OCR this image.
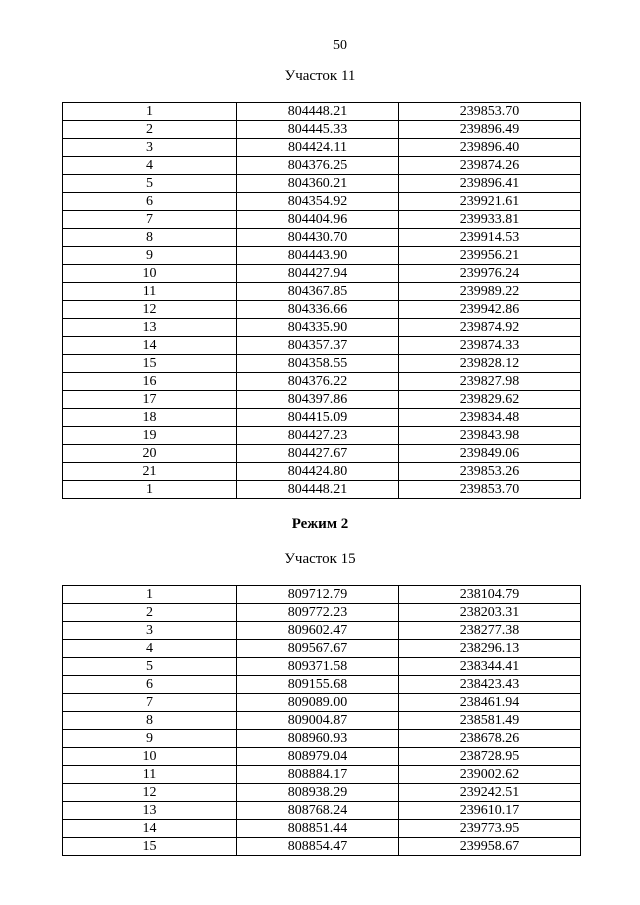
50
Участок 11
1	804448.21	239853.70
2	804445.33	239896.49
3	804424.11	239896.40
4	804376.25	239874.26
5	804360.21	239896.41
6	804354.92	239921.61
7	804404.96	239933.81
8	804430.70	239914.53
9	804443.90	239956.21
10	804427.94	239976.24
11	804367.85	239989.22
12	804336.66	239942.86
13	804335.90	239874.92
14	804357.37	239874.33
15	804358.55	239828.12
16	804376.22	239827.98
17	804397.86	239829.62
18	804415.09	239834.48
19	804427.23	239843.98
20	804427.67	239849.06
21	804424.80	239853.26
1	804448.21	239853.70
Режим 2
Участок 15
1	809712.79	238104.79
2	809772.23	238203.31
3	809602.47	238277.38
4	809567.67	238296.13
5	809371.58	238344.41
6	809155.68	238423.43
7	809089.00	238461.94
8	809004.87	238581.49
9	808960.93	238678.26
10	808979.04	238728.95
11	808884.17	239002.62
12	808938.29	239242.51
13	808768.24	239610.17
14	808851.44	239773.95
15	808854.47	239958.67
